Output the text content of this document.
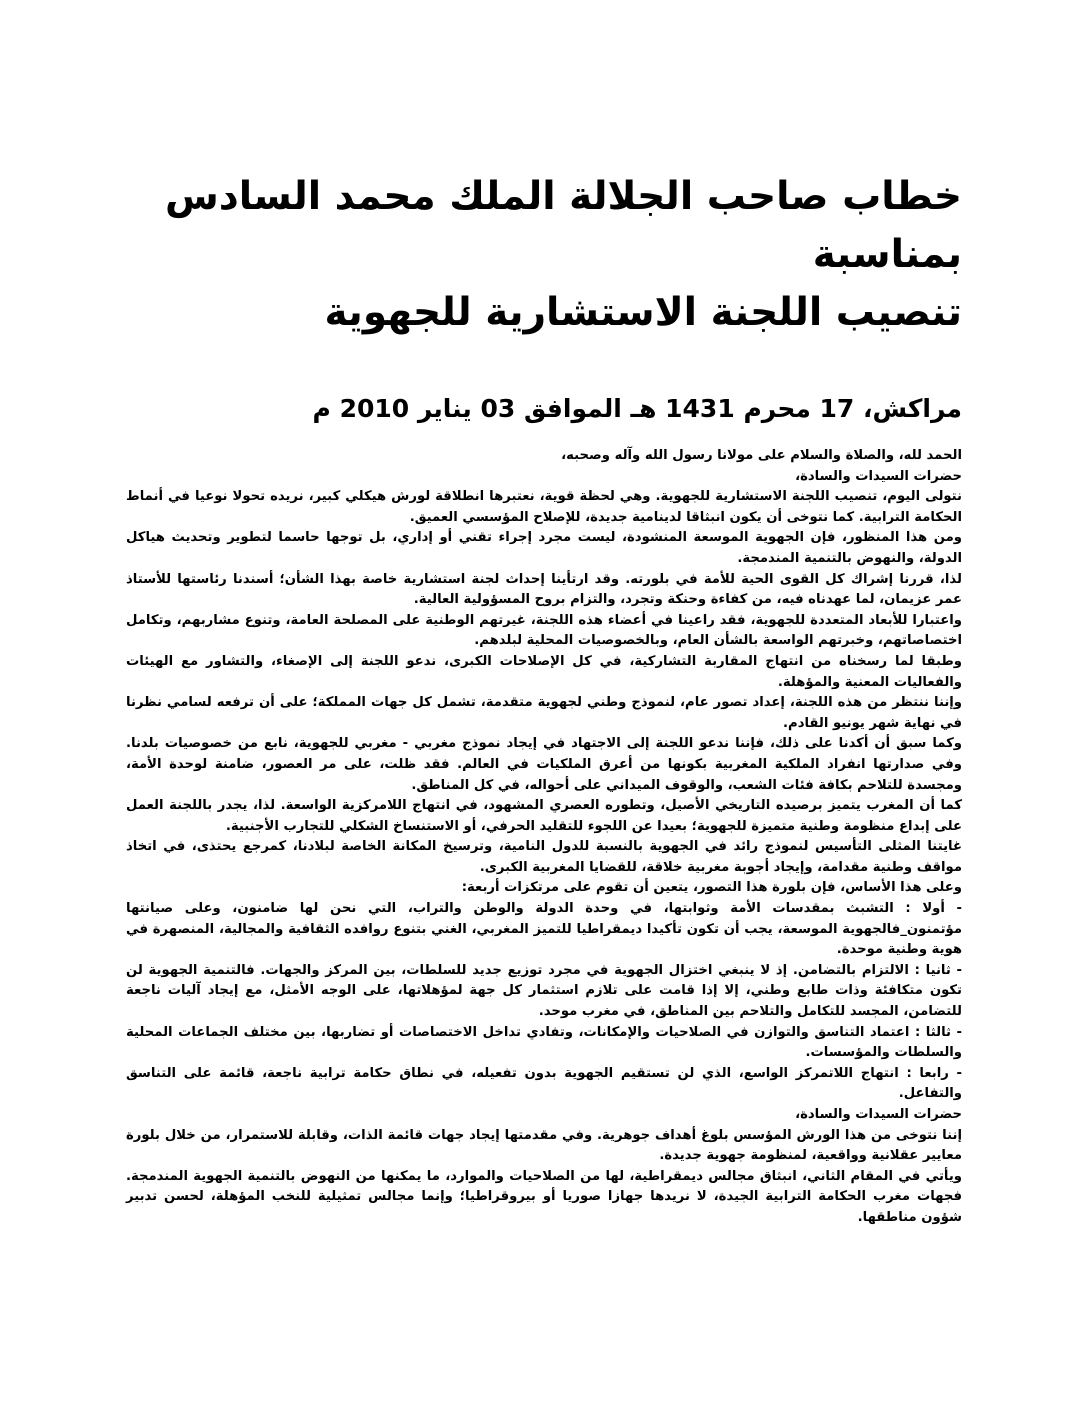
خطاب صاحب الجلالة الملك محمد السادس بمناسبة
تنصيب اللجنة الاستشارية للجهوية
مراكش، 17 محرم 1431 هـ الموافق 03 يناير 2010 م

الحمد لله، والصلاة والسلام على مولانا رسول الله وآله وصحبه،

حضرات السيدات والسادة،

نتولى اليوم، تنصيب اللجنة الاستشارية للجهوية. وهي لحظة قوية، نعتبرها انطلاقة لورش هيكلي كبير، نريده تحولا نوعيا في أنماط الحكامة الترابية. كما نتوخى أن يكون انبثاقا لدينامية جديدة، للإصلاح المؤسسي العميق.

ومن هذا المنظور، فإن الجهوية الموسعة المنشودة، ليست مجرد إجراء تقني أو إداري، بل توجها حاسما لتطوير وتحديث هياكل الدولة، والنهوض بالتنمية المندمجة.

لذا، قررنا إشراك كل القوى الحية للأمة في بلورته. وقد ارتأينا إحداث لجنة استشارية خاصة بهذا الشأن؛ أسندنا رئاستها للأستاذ عمر عزيمان، لما عهدناه فيه، من كفاءة وحنكة وتجرد، والتزام بروح المسؤولية العالية.

واعتبارا للأبعاد المتعددة للجهوية، فقد راعينا في أعضاء هذه اللجنة، غيرتهم الوطنية على المصلحة العامة، وتنوع مشاربهم، وتكامل اختصاصاتهم، وخبرتهم الواسعة بالشأن العام، وبالخصوصيات المحلية لبلدهم.

وطبقا لما رسخناه من انتهاج المقاربة التشاركية، في كل الإصلاحات الكبرى، ندعو اللجنة إلى الإصغاء، والتشاور مع الهيئات والفعاليات المعنية والمؤهلة.

وإننا ننتظر من هذه اللجنة، إعداد تصور عام، لنموذج وطني لجهوية متقدمة، تشمل كل جهات المملكة؛ على أن ترفعه لسامي نظرنا في نهاية شهر يونيو القادم.

وكما سبق أن أكدنا على ذلك، فإننا ندعو اللجنة إلى الاجتهاد في إيجاد نموذج مغربي - مغربي للجهوية، نابع من خصوصيات بلدنا. وفي صدارتها انفراد الملكية المغربية بكونها من أعرق الملكيات في العالم. فقد ظلت، على مر العصور، ضامنة لوحدة الأمة، ومجسدة للتلاحم بكافة فئات الشعب، والوقوف الميداني على أحواله، في كل المناطق.

كما أن المغرب يتميز برصيده التاريخي الأصيل، وتطوره العصري المشهود، في انتهاج اللامركزية الواسعة. لذا، يجدر باللجنة العمل على إبداع منظومة وطنية متميزة للجهوية؛ بعيدا عن اللجوء للتقليد الحرفي، أو الاستنساخ الشكلي للتجارب الأجنبية.

غايتنا المثلى التأسيس لنموذج رائد في الجهوية بالنسبة للدول النامية، وترسيخ المكانة الخاصة لبلادنا، كمرجع يحتذى، في اتخاذ مواقف وطنية مقدامة، وإيجاد أجوبة مغربية خلاقة، للقضايا المغربية الكبرى.

وعلى هذا الأساس، فإن بلورة هذا التصور، يتعين أن تقوم على مرتكزات أربعة:

- أولا : التشبث بمقدسات الأمة وثوابتها، في وحدة الدولة والوطن والتراب، التي نحن لها ضامنون، وعلى صيانتها مؤتمنون_فالجهوية الموسعة، يجب أن تكون تأكيدا ديمقراطيا للتميز المغربي، الغني بتنوع روافده الثقافية والمجالية، المنصهرة في هوية وطنية موحدة.

- ثانيا : الالتزام بالتضامن. إذ لا ينبغي اختزال الجهوية في مجرد توزيع جديد للسلطات، بين المركز والجهات. فالتنمية الجهوية لن تكون متكافئة وذات طابع وطني، إلا إذا قامت على تلازم استثمار كل جهة لمؤهلاتها، على الوجه الأمثل، مع إيجاد آليات ناجعة للتضامن، المجسد للتكامل والتلاحم بين المناطق، في مغرب موحد.

- ثالثا : اعتماد التناسق والتوازن في الصلاحيات والإمكانات، وتفادي تداخل الاختصاصات أو تضاربها، بين مختلف الجماعات المحلية والسلطات والمؤسسات.

- رابعا : انتهاج اللاتمركز الواسع، الذي لن تستقيم الجهوية بدون تفعيله، في نطاق حكامة ترابية ناجعة، قائمة على التناسق والتفاعل.

حضرات السيدات والسادة،

إننا نتوخى من هذا الورش المؤسس بلوغ أهداف جوهرية. وفي مقدمتها إيجاد جهات قائمة الذات، وقابلة للاستمرار، من خلال بلورة معايير عقلانية وواقعية، لمنظومة جهوية جديدة.

ويأتي في المقام الثاني، انبثاق مجالس ديمقراطية، لها من الصلاحيات والموارد، ما يمكنها من النهوض بالتنمية الجهوية المندمجة. فجهات مغرب الحكامة الترابية الجيدة، لا نريدها جهازا صوريا أو بيروقراطيا؛ وإنما مجالس تمثيلية للنخب المؤهلة، لحسن تدبير شؤون مناطقها.
